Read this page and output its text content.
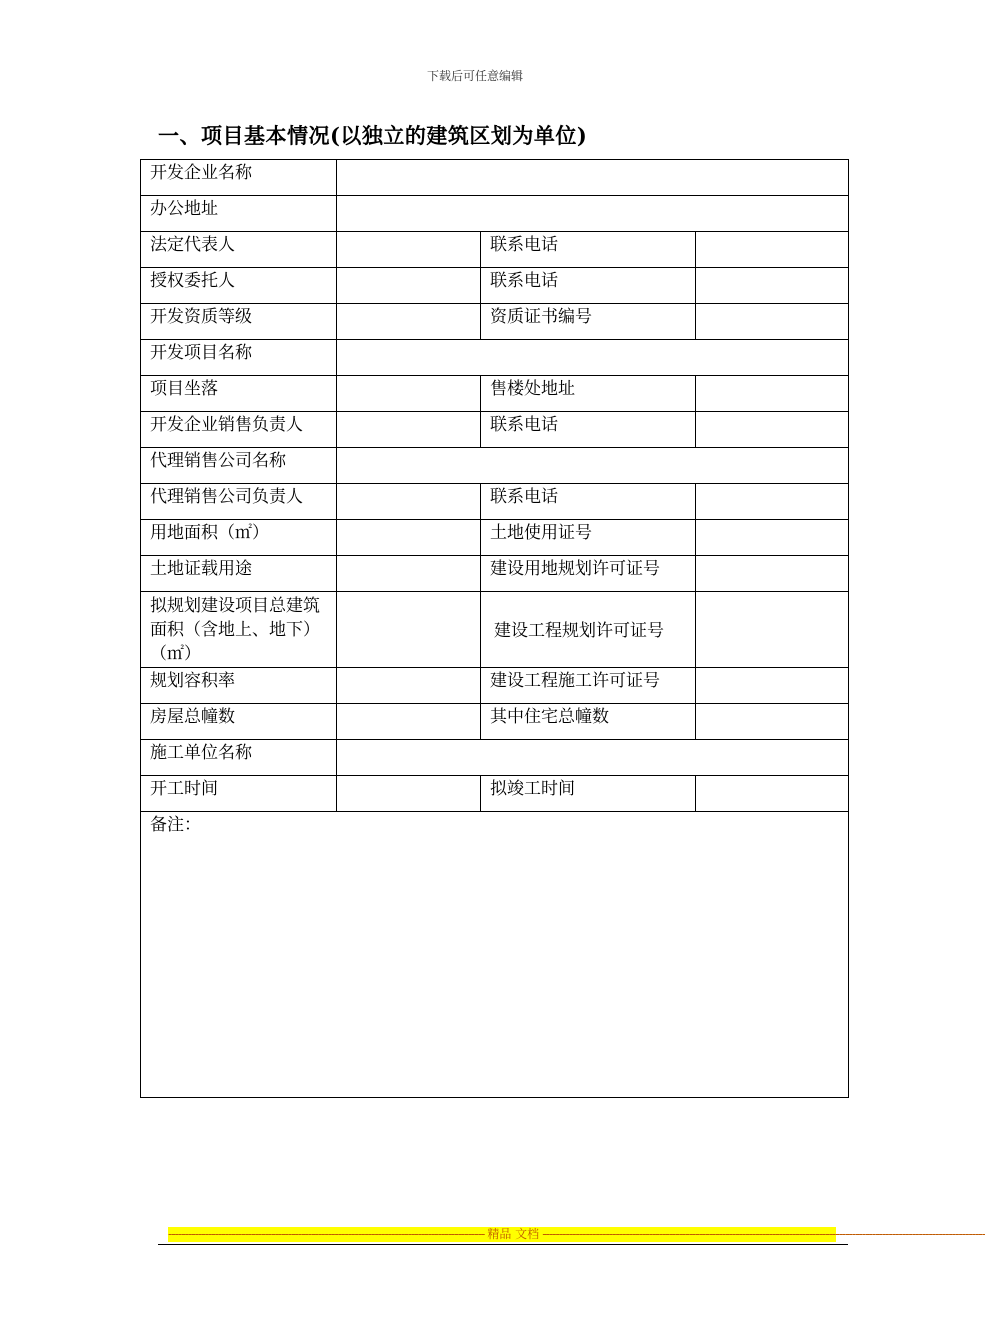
下载后可任意编辑
一、项目基本情况(以独立的建筑区划为单位)
开发企业名称			
办公地址			
法定代表人		联系电话	
授权委托人		联系电话	
开发资质等级		资质证书编号	
开发项目名称			
项目坐落		售楼处地址	
开发企业销售负责人		联系电话	
代理销售公司名称			
代理销售公司负责人		联系电话	
用地面积（㎡）		土地使用证号	
土地证载用途		建设用地规划许可证号	
拟规划建设项目总建筑面积（含地上、地下）（㎡）		建设工程规划许可证号	
规划容积率		建设工程施工许可证号	
房屋总幢数		其中住宅总幢数	
施工单位名称			
开工时间		拟竣工时间	
备注：			
----------------------------------------------------------------------------------------------- 精品 文档 -------------------------------------------------------------------------------------------------------------------------------------
